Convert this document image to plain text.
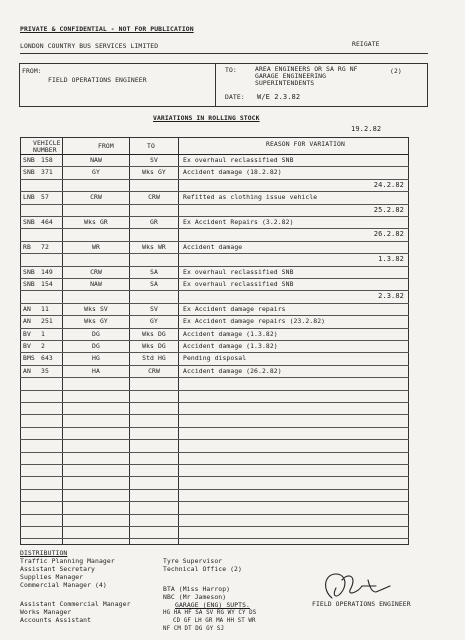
PRIVATE & CONFIDENTIAL - NOT FOR PUBLICATION
LONDON COUNTRY BUS SERVICES LIMITED	REIGATE
FROM:
FIELD OPERATIONS ENGINEER
TO:	AREA ENGINEERS OR SA RG NF
GARAGE ENGINEERING
SUPERINTENDENTS
(2)
DATE: W/E 2.3.82
VARIATIONS IN ROLLING STOCK
19.2.82
VEHICLE
NUMBER	FROM	TO	REASON FOR VARIATION
SNB 158	NAW	SV	Ex overhaul reclassified SNB
SNB 371	GY	Wks GY	Accident damage (18.2.82)
24.2.82
LNB 57	CRW	CRW	Refitted as clothing issue vehicle
25.2.82
SNB 464	Wks GR	GR	Ex Accident Repairs (3.2.82)
26.2.82
RB 72	WR	Wks WR	Accident damage
1.3.82
SNB 149	CRW	SA	Ex overhaul reclassified SNB
SNB 154	NAW	SA	Ex overhaul reclassified SNB
2.3.82
AN 11	Wks SV	SV	Ex Accident damage repairs
AN 251	Wks GY	GY	Ex Accident damage repairs (23.2.82)
BV 1	DG	Wks DG	Accident damage (1.3.82)
BV 2	DG	Wks DG	Accident damage (1.3.82)
BMS 643	HG	Std HG	Pending disposal
AN 35	HA	CRW	Accident damage (26.2.82)
DISTRIBUTION
Traffic Planning Manager
Assistant Secretary
Supplies Manager
Commercial Manager (4)
Assistant Commercial Manager
Works Manager
Accounts Assistant
Tyre Supervisor
Technical Office (2)
BTA (Miss Harrop)
NBC (Mr Jameson)
GARAGE (ENG) SUPTS.
HG HA HF SA SV RG WY CY DS
CD GF LH GR MA HH ST WR
NF CM DT DG GY SJ
FIELD OPERATIONS ENGINEER
